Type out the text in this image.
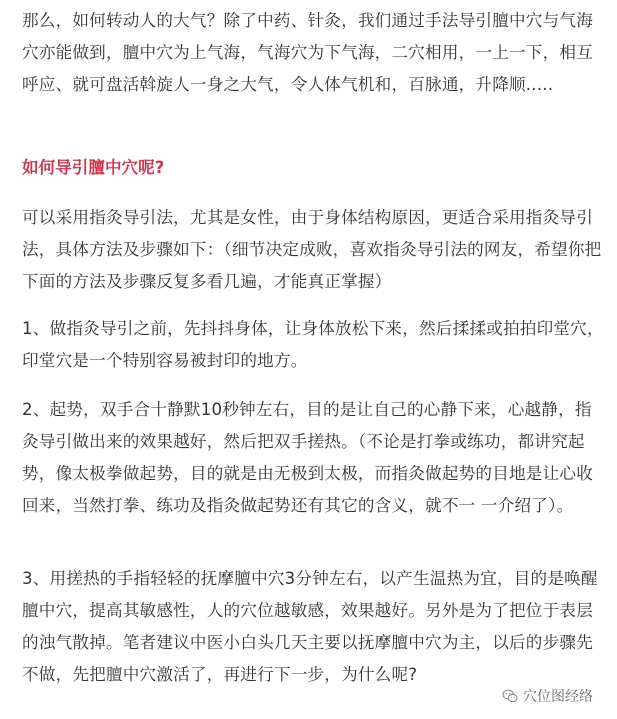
那么，如何转动人的大气？除了中药、针灸，我们通过手法导引膻中穴与气海穴亦能做到，膻中穴为上气海，气海穴为下气海，二穴相用，一上一下，相互呼应、就可盘活斡旋人一身之大气，令人体气机和，百脉通，升降顺.....

如何导引膻中穴呢?

可以采用指灸导引法，尤其是女性，由于身体结构原因，更适合采用指灸导引法，具体方法及步骤如下：（细节决定成败，喜欢指灸导引法的网友，希望你把下面的方法及步骤反复多看几遍，才能真正掌握）

1、做指灸导引之前，先抖抖身体，让身体放松下来，然后揉揉或拍拍印堂穴，印堂穴是一个特别容易被封印的地方。

2、起势，双手合十静默10秒钟左右，目的是让自己的心静下来，心越静，指灸导引做出来的效果越好，然后把双手搓热。（不论是打拳或练功，都讲究起势，像太极拳做起势，目的就是由无极到太极，而指灸做起势的目地是让心收回来，当然打拳、练功及指灸做起势还有其它的含义，就不一 一介绍了）。

3、用搓热的手指轻轻的抚摩膻中穴3分钟左右，以产生温热为宜，目的是唤醒膻中穴，提高其敏感性，人的穴位越敏感，效果越好。另外是为了把位于表层的浊气散掉。笔者建议中医小白头几天主要以抚摩膻中穴为主，以后的步骤先不做，先把膻中穴激活了，再进行下一步，为什么呢?

穴位图经络
